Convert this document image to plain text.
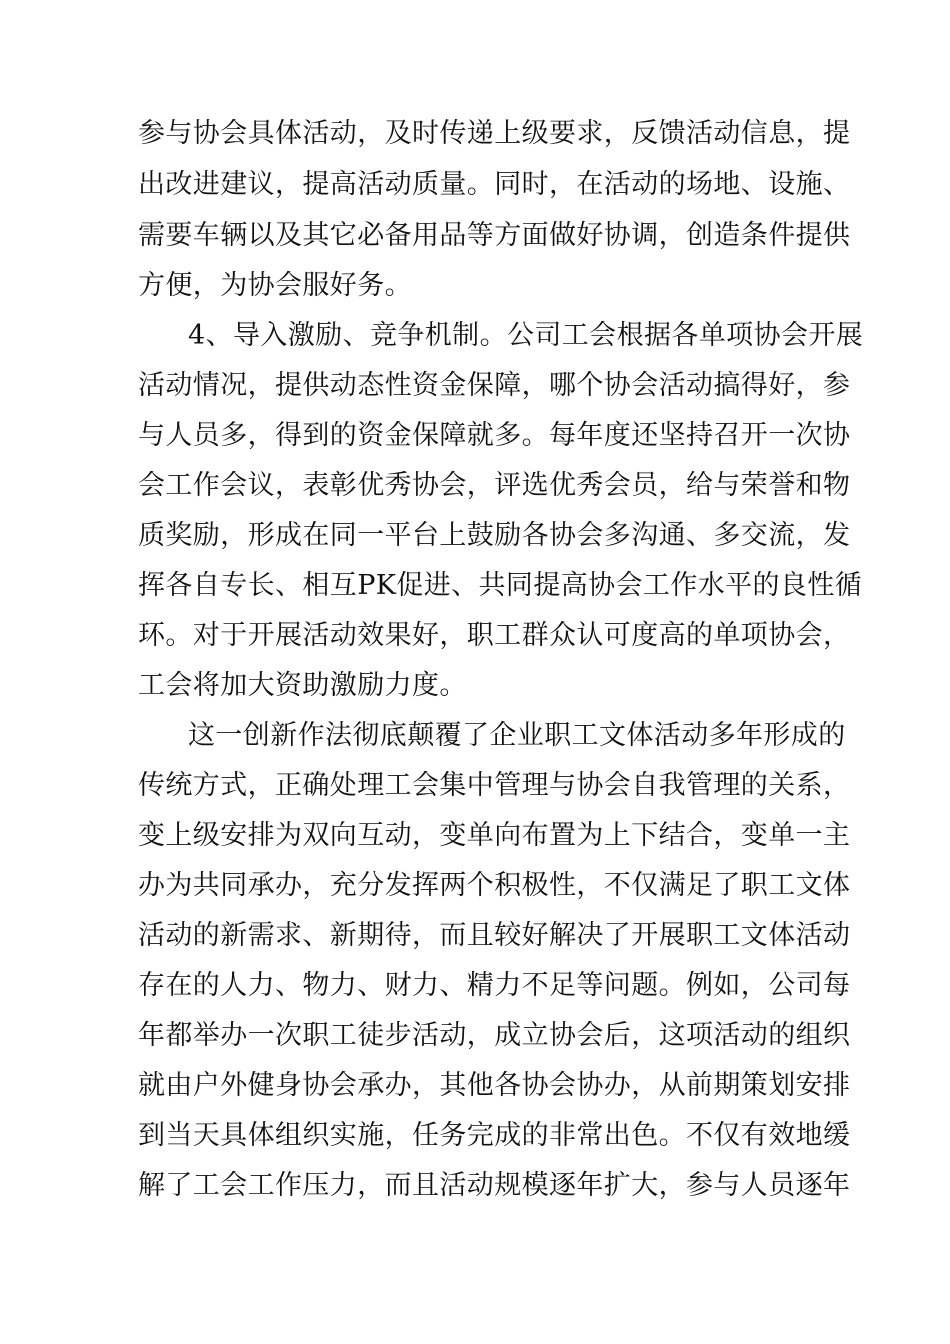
参与协会具体活动，及时传递上级要求，反馈活动信息，提

出改进建议，提高活动质量。同时，在活动的场地、设施、

需要车辆以及其它必备用品等方面做好协调，创造条件提供

方便，为协会服好务。

4、导入激励、竞争机制。公司工会根据各单项协会开展

活动情况，提供动态性资金保障，哪个协会活动搞得好，参

与人员多，得到的资金保障就多。每年度还坚持召开一次协

会工作会议，表彰优秀协会，评选优秀会员，给与荣誉和物

质奖励，形成在同一平台上鼓励各协会多沟通、多交流，发

挥各自专长、相互PK促进、共同提高协会工作水平的良性循

环。对于开展活动效果好，职工群众认可度高的单项协会，

工会将加大资助激励力度。

这一创新作法彻底颠覆了企业职工文体活动多年形成的

传统方式，正确处理工会集中管理与协会自我管理的关系，

变上级安排为双向互动，变单向布置为上下结合，变单一主

办为共同承办，充分发挥两个积极性，不仅满足了职工文体

活动的新需求、新期待，而且较好解决了开展职工文体活动

存在的人力、物力、财力、精力不足等问题。例如，公司每

年都举办一次职工徒步活动，成立协会后，这项活动的组织

就由户外健身协会承办，其他各协会协办，从前期策划安排

到当天具体组织实施，任务完成的非常出色。不仅有效地缓

解了工会工作压力，而且活动规模逐年扩大，参与人员逐年
